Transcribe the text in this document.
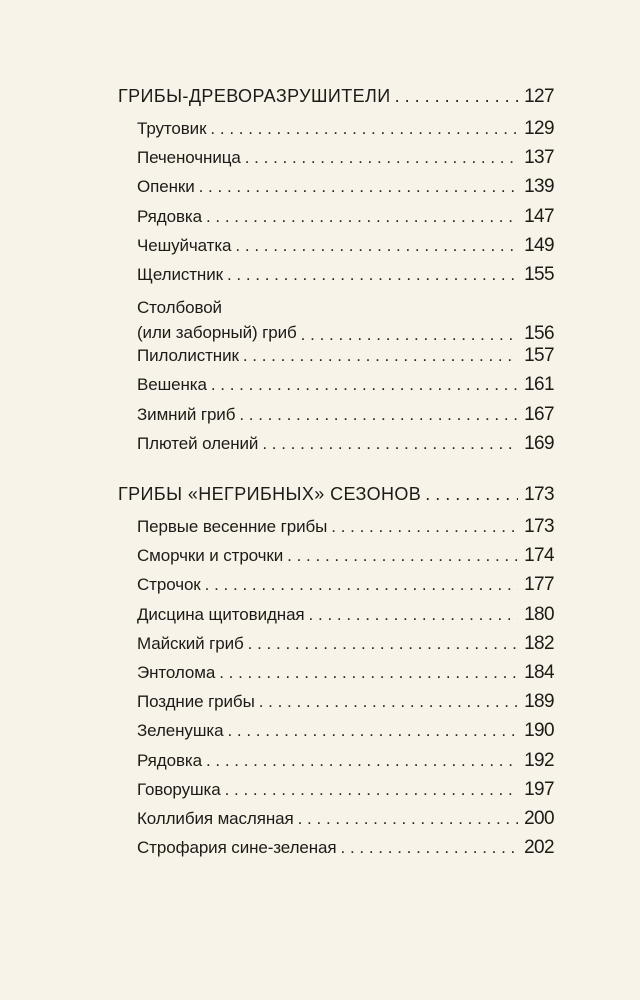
ГРИБЫ-ДРЕВОРАЗРУШИТЕЛИ . . .	127
Трутовик . . .	129
Печеночница . . .	137
Опенки . . .	139
Рядовка . . .	147
Чешуйчатка . . .	149
Щелистник . . .	155
Столбовой
(или заборный) гриб . . .	156
Пилолистник . . .	157
Вешенка . . .	161
Зимний гриб . . .	167
Плютей олений . . .	169
ГРИБЫ «НЕГРИБНЫХ» СЕЗОНОВ . . .	173
Первые весенние грибы . . .	173
Сморчки и строчки . . .	174
Строчок . . .	177
Дисцина щитовидная . . .	180
Майский гриб . . .	182
Энтолома . . .	184
Поздние грибы . . .	189
Зеленушка . . .	190
Рядовка . . .	192
Говорушка . . .	197
Коллибия масляная . . .	200
Строфария сине-зеленая . . .	202
